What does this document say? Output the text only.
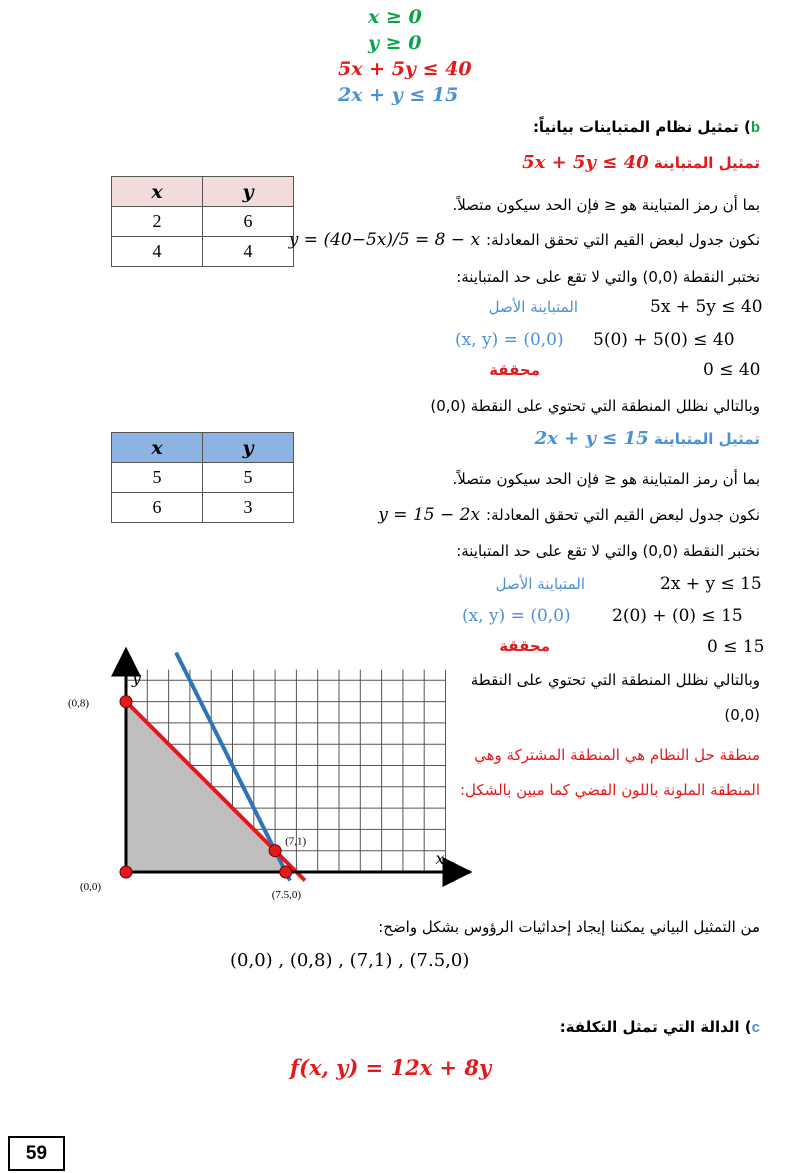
x ≥ 0
y ≥ 0
5x + 5y ≤ 40
2x + y ≤ 15
b) تمثيل نظام المتباينات بيانياً:
تمثيل المتباينة 5x + 5y ≤ 40
x	y
2	6
4	4
بما أن رمز المتباينة هو ≤ فإن الحد سيكون متصلاً.
y = (40−5x)/5 = 8 − x نكون جدول لبعض القيم التي تحقق المعادلة:
نختبر النقطة (0,0) والتي لا تقع على حد المتباينة:
5x + 5y ≤ 40
المتباينة الأصل
5(0) + 5(0) ≤ 40
(x, y) = (0,0)
0 ≤ 40
محققة
وبالتالي نظلل المنطقة التي تحتوي على النقطة (0,0)
تمثيل المتباينة 2x + y ≤ 15
x	y
5	5
6	3
بما أن رمز المتباينة هو ≤ فإن الحد سيكون متصلاً.
y = 15 − 2x نكون جدول لبعض القيم التي تحقق المعادلة:
نختبر النقطة (0,0) والتي لا تقع على حد المتباينة:
2x + y ≤ 15
المتباينة الأصل
2(0) + (0) ≤ 15
(x, y) = (0,0)
0 ≤ 15
محققة
وبالتالي نظلل المنطقة التي تحتوي على النقطة
(0,0)
منطقة حل النظام هي المنطقة المشتركة وهي
المنطقة الملونة باللون الفضي كما مبين بالشكل:
x
y
(0,8)
(0,0)
(7,1)
(7.5,0)
من التمثيل البياني يمكننا إيجاد إحداثيات الرؤوس بشكل واضح:
(0,0) , (0,8) , (7,1) , (7.5,0)
c) الدالة التي تمثل التكلفة:
f(x, y) = 12x + 8y
59
